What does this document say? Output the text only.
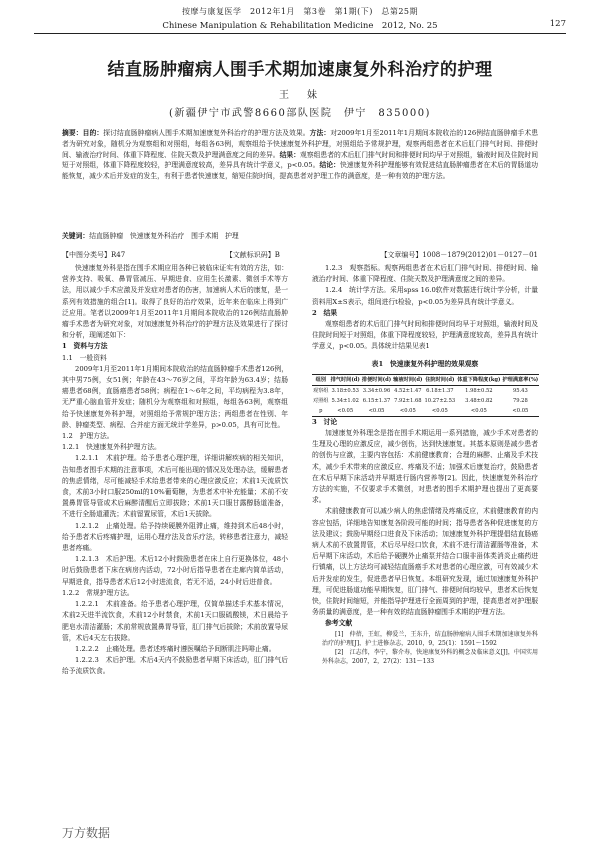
按摩与康复医学　2012年1月　第3卷　第1期(下)　总第25期
Chinese Manipulation & Rehabilitation Medicine　2012, No. 25	127
结直肠肿瘤病人围手术期加速康复外科治疗的护理
王　妹
(新疆伊宁市武警8660部队医院　伊宁　835000)
摘要：目的：探讨结直肠肿瘤病人围手术期加速康复外科治疗的护理方法及效果。方法：对2009年1月至2011年1月期间本院收治的126例结直肠肿瘤手术患者为研究对象，随机分为观察组和对照组，每组各63例，观察组给予快速康复外科护理，对照组给予常规护理，观察两组患者在术后肛门排气时间、排便时间、输液治疗时间、体重下降程度、住院天数及护理满意度之间的差异。结果：观察组患者的术后肛门排气时间和排便时间均早于对照组，输液时间及住院时间短于对照组，体重下降程度较轻，护理满意度较高，差异具有统计学意义，p<0.05。结论：快速康复外科护理能够有效促进结直肠肿瘤患者在术后的胃肠道功能恢复，减少术后并发症的发生，有利于患者快速康复，缩短住院时间，提高患者对护理工作的满意度，是一种有效的护理方法。
关键词：结直肠肿瘤　快速康复外科治疗　围手术期　护理
【中图分类号】R47	【文献标识码】B	【文章编号】1008－1879(2012)01－0127－01

快速康复外科是指在围手术期应用各种已被临床证实有效的方法，如：营养支持、吸氧、鼻胃管减压、早期进食、应用生长激素、微创手术等方法，用以减少手术应激及并发症对患者的伤害，加速病人术后的康复，是一系列有效措施的组合[1]。取得了良好的治疗效果，近年来在临床上得到广泛应用。笔者以2009年1月至2011年1月期间本院收治的126例结直肠肿瘤手术患者为研究对象，对加速康复外科治疗的护理方法及效果进行了探讨和分析，现阐述如下：

1　资料与方法

1.1　一般资料

2009年1月至2011年1月期间本院收治的结直肠肿瘤手术患者126例，其中男75例，女51例；年龄在43～76岁之间，平均年龄为63.4岁；结肠癌患者68例，直肠癌患者58例；病程在1～6年之间，平均病程为3.8年，无严重心脑血管并发症；随机分为观察组和对照组，每组各63例，观察组给予快速康复外科护理，对照组给予常规护理方法；两组患者在性别、年龄、肿瘤类型、病程、合并症方面无统计学差异，p>0.05，具有可比性。

1.2　护理方法。

1.2.1　快速康复外科护理方法。

1.2.1.1　术前护理。给予患者心理护理，详细讲解疾病的相关知识，告知患者围手术期的注意事项，术后可能出现的情况及处理办法，缓解患者的焦虑情绪，尽可能减轻手术给患者带来的心理应激反应；术前1天流质饮食，术前3小时口服250ml的10%葡萄糖，为患者术中补充能量；术前不安置鼻胃管导管或术后麻醉清醒后立即拔除；术前1天口服甘露醇肠道准备，不进行全肠道灌洗；术前留置尿管，术后1天拔除。

1.2.1.2　止痛处理。给予持续硬膜外阻滞止痛，维持到术后48小时，给予患者术后疼痛护理，运用心理疗法及音乐疗法，转移患者注意力，减轻患者疼痛。

1.2.1.3　术后护理。术后12小时鼓励患者在床上自行更换体位，48小时后鼓励患者下床在病房内活动，72小时后指导患者在走廊内简单活动，早期进食，指导患者术后12小时进流食，若无不适，24小时后进普食。

1.2.2　常规护理方法。

1.2.2.1　术前准备。给予患者心理护理，仅简单描述手术基本情况，术前2天进半流饮食，术前12小时禁食，术前1天口服硫酸镁，术日晨给予肥皂水清洁灌肠；术前常规放置鼻胃导管，肛门排气后拔除；术前放置导尿管，术后4天左右拔除。

1.2.2.2　止痛处理。患者述疼痛时遵医嘱给予间断肌注吗啡止痛。

1.2.2.3　术后护理。术后4天内不鼓励患者早期下床活动，肛门排气后给予流质饮食。

1.2.3　观察指标。观察两组患者在术后肛门排气时间、排便时间、输液治疗时间、体重下降程度、住院天数及护理满意度之间的差异。

1.2.4　统计学方法。采用spss 16.0软件对数据进行统计学分析，计量资料用X±S表示，组间进行t检验，p<0.05为差异具有统计学意义。

2　结果

观察组患者的术后肛门排气时间和排便时间均早于对照组，输液时间及住院时间短于对照组，体重下降程度较轻，护理满意度较高，差异具有统计学意义，p<0.05。具体统计结果见表1

表1　快速康复外科护理的效果观察
组别	排气时间(d)	排便时间(d)	输液时间(d)	住院时间(d)	体重下降程度(kg)	护理满意率(%)
观察组	3.18±0.53	3.34±0.96	4.52±1.47	6.18±1.37	1.98±0.52	95.43
对照组	5.34±1.02	6.15±1.37	7.92±1.68	10.27±2.53	3.48±0.82	79.28
p	<0.05	<0.05	<0.05	<0.05	<0.05	<0.05

3　讨论

加速康复外科理念是指在围手术期运用一系列措施，减少手术对患者的生理及心理的应激反应，减少创伤，达到快速康复。其基本原则是减少患者的创伤与应激，主要内容包括：术前健康教育；合理的麻醉、止痛及手术技术，减少手术带来的应激反应、疼痛及不适；加强术后康复治疗，鼓励患者在术后早期下床活动并早期进行肠内营养等[2]。因此，快速康复外科治疗方法的实施，不仅要求手术微创，对患者的围手术期护理也提出了更高要求。

术前健康教育可以减少病人的焦虑情绪及疼痛反应，术前健康教育的内容应包括，详细地告知康复各阶段可能的时间；指导患者各种促进康复的方法及建议；鼓励早期经口进食及下床活动；加速康复外科护理提倡结直肠癌病人术前不放置胃管，术后尽早经口饮食，术前不进行清洁灌肠等准备，术后早期下床活动，术后给予硬膜外止痛泵并结合口服非甾体类消炎止痛药进行镇痛，以上方法均可减轻结直肠癌手术对患者的心理应激，可有效减少术后并发症的发生，促进患者早日恢复。本组研究发现，通过加速康复外科护理，可促进肠道功能早期恢复，肛门排气、排便时间均较早，患者术后恢复快，住院时间缩短，并能指导护理进行全面周到的护理，提高患者对护理服务质量的满意度，是一种有效的结直肠肿瘤围手术期的护理方法。

参考文献

[1]　仲蓓，王虹，柳爱兰，王东升，结直肠肿瘤病人围手术期加速康复外科治疗的护理[J]，护士进修杂志，2010，9，25(1)：1591～1592

[2]　江志伟，李宁，黎介寿，快速康复外科的概念及临床意义[J]，中国实用外科杂志，2007，2，27(2)：131～133

万方数据
